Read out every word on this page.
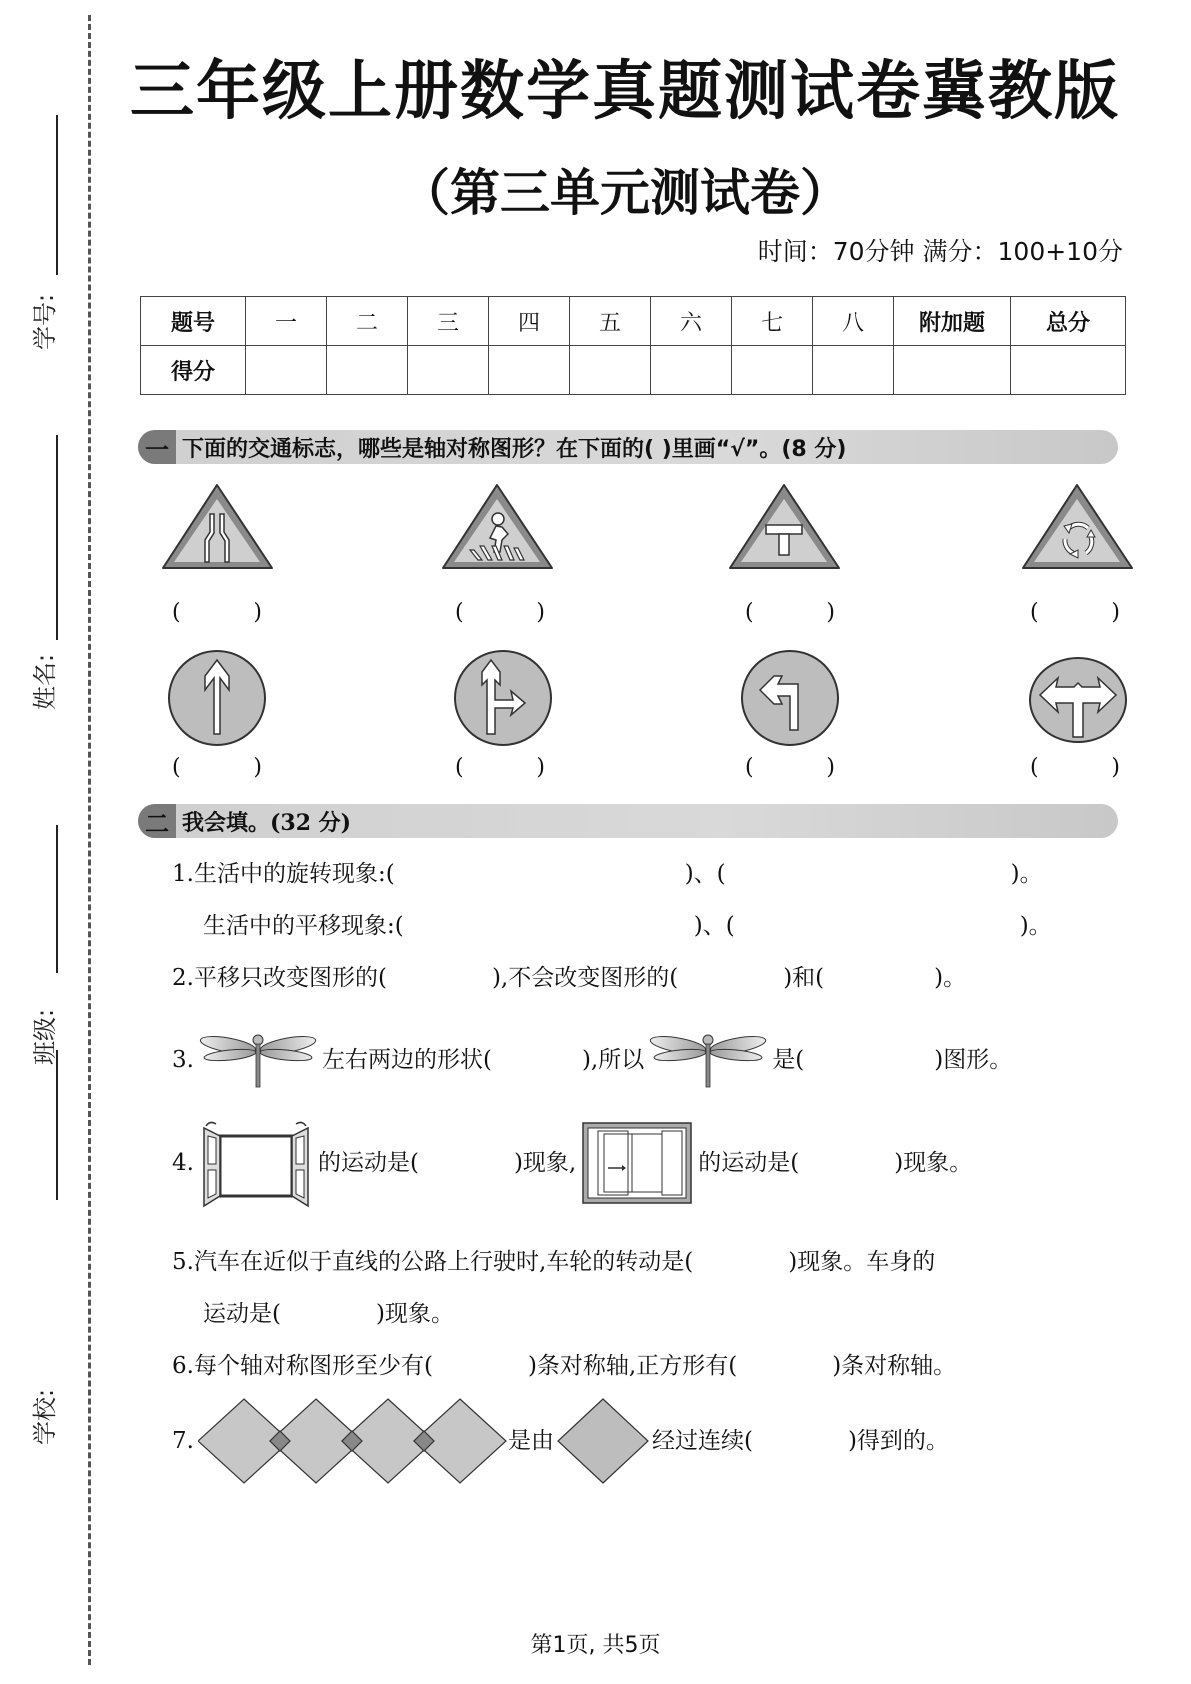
学号:
姓名:
班级:
学校:
三年级上册数学真题测试卷冀教版
（第三单元测试卷）
时间：70分钟 满分：100+10分
题号	一	二	三	四	五	六	七	八	附加题	总分
得分										
一 下面的交通标志，哪些是轴对称图形？在下面的( )里画“√”。(8 分)
(	)	(	)	(	)	(	)
(	)	(	)	(	)	(	)
二 我会填。(32 分)
1.生活中的旋转现象:(	)、(	)。
生活中的平移现象:(	)、(	)。
2.平移只改变图形的(	),不会改变图形的(	)和(	)。
3.	左右两边的形状(	),所以	是(	)图形。
4.	的运动是(	)现象,	的运动是(	)现象。
5.汽车在近似于直线的公路上行驶时,车轮的转动是(	)现象。车身的
运动是(	)现象。
6.每个轴对称图形至少有(	)条对称轴,正方形有(	)条对称轴。
7.	是由	经过连续(	)得到的。
第1页, 共5页
